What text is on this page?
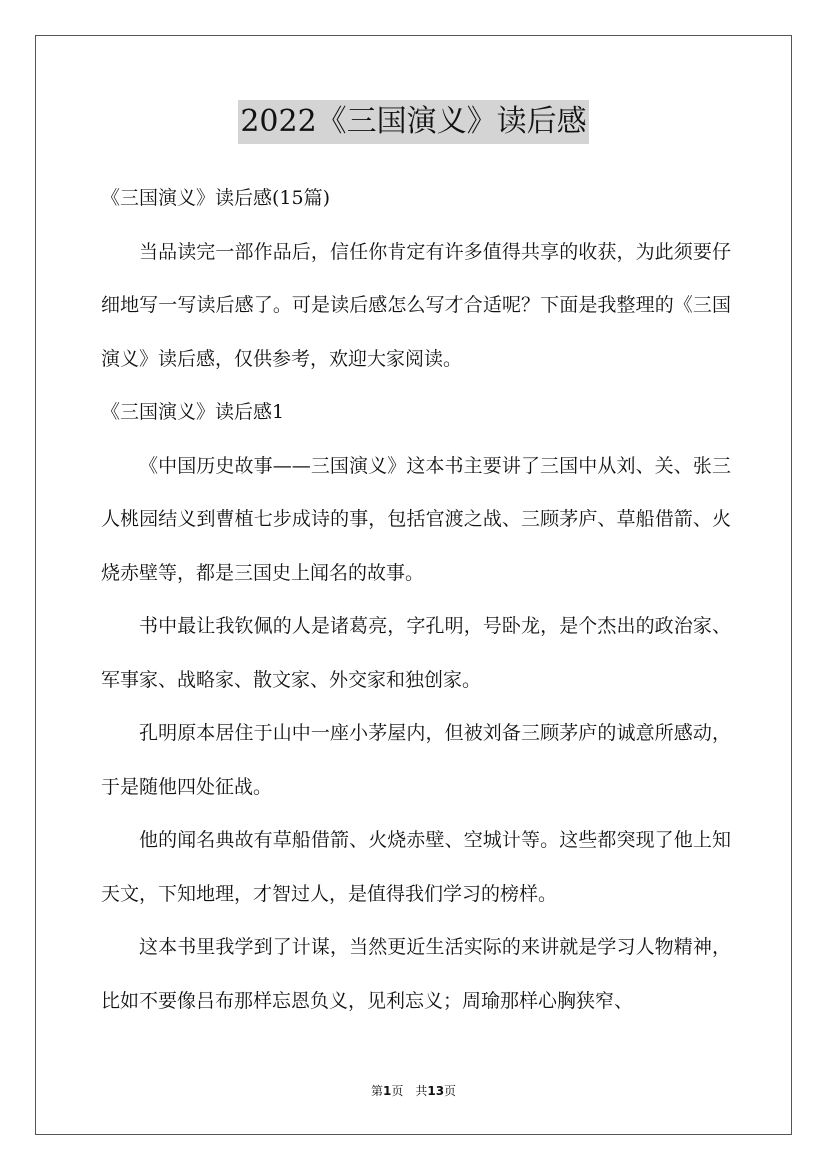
2022《三国演义》读后感

《三国演义》读后感(15篇)

当品读完一部作品后，信任你肯定有许多值得共享的收获，为此须要仔细地写一写读后感了。可是读后感怎么写才合适呢？下面是我整理的《三国演义》读后感，仅供参考，欢迎大家阅读。

《三国演义》读后感1

《中国历史故事——三国演义》这本书主要讲了三国中从刘、关、张三人桃园结义到曹植七步成诗的事，包括官渡之战、三顾茅庐、草船借箭、火烧赤壁等，都是三国史上闻名的故事。

书中最让我钦佩的人是诸葛亮，字孔明，号卧龙，是个杰出的政治家、军事家、战略家、散文家、外交家和独创家。

孔明原本居住于山中一座小茅屋内，但被刘备三顾茅庐的诚意所感动，于是随他四处征战。

他的闻名典故有草船借箭、火烧赤壁、空城计等。这些都突现了他上知天文，下知地理，才智过人，是值得我们学习的榜样。

这本书里我学到了计谋，当然更近生活实际的来讲就是学习人物精神，比如不要像吕布那样忘恩负义，见利忘义；周瑜那样心胸狭窄、

第1页 共13页
